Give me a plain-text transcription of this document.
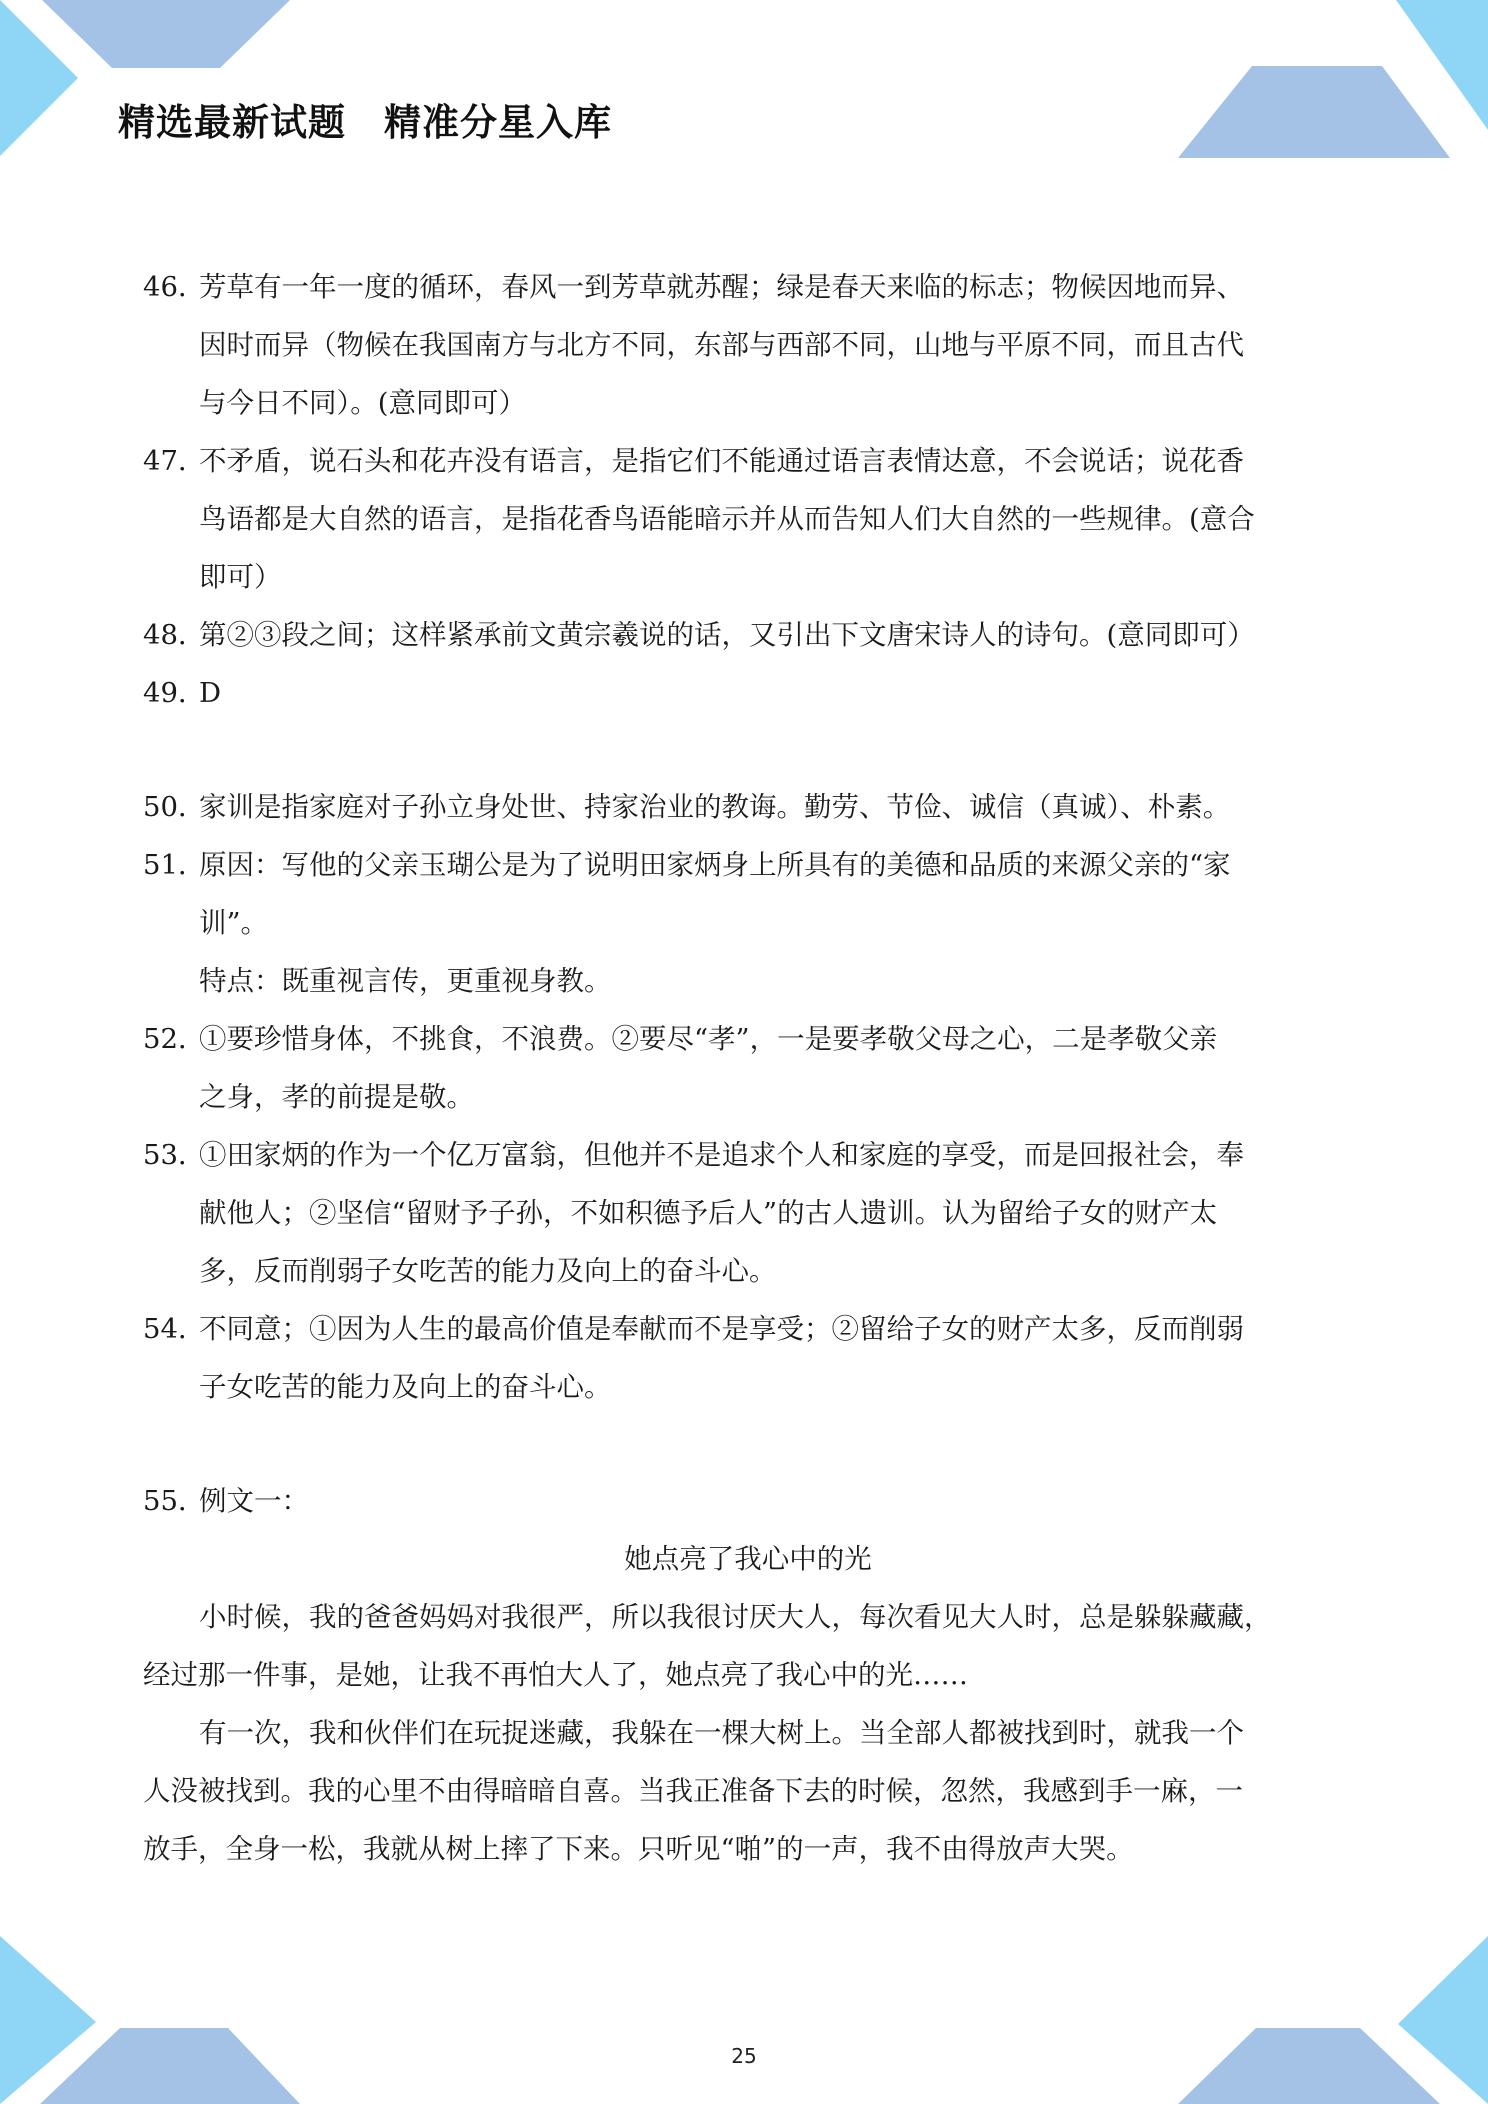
精选最新试题　精准分星入库
46．芳草有一年一度的循环，春风一到芳草就苏醒；绿是春天来临的标志；物候因地而异、
因时而异（物候在我国南方与北方不同，东部与西部不同，山地与平原不同，而且古代
与今日不同）。(意同即可）
47．不矛盾，说石头和花卉没有语言，是指它们不能通过语言表情达意，不会说话；说花香
鸟语都是大自然的语言，是指花香鸟语能暗示并从而告知人们大自然的一些规律。(意合
即可）
48．第②③段之间；这样紧承前文黄宗羲说的话，又引出下文唐宋诗人的诗句。(意同即可）
49．D
50．家训是指家庭对子孙立身处世、持家治业的教诲。勤劳、节俭、诚信（真诚）、朴素。
51．原因：写他的父亲玉瑚公是为了说明田家炳身上所具有的美德和品质的来源父亲的“家
训”。
特点：既重视言传，更重视身教。
52．①要珍惜身体，不挑食，不浪费。②要尽“孝”，一是要孝敬父母之心，二是孝敬父亲
之身，孝的前提是敬。
53．①田家炳的作为一个亿万富翁，但他并不是追求个人和家庭的享受，而是回报社会，奉
献他人；②坚信“留财予子孙，不如积德予后人”的古人遗训。认为留给子女的财产太
多，反而削弱子女吃苦的能力及向上的奋斗心。
54．不同意；①因为人生的最高价值是奉献而不是享受；②留给子女的财产太多，反而削弱
子女吃苦的能力及向上的奋斗心。
55．例文一：
她点亮了我心中的光
小时候，我的爸爸妈妈对我很严，所以我很讨厌大人，每次看见大人时，总是躲躲藏藏，
经过那一件事，是她，让我不再怕大人了，她点亮了我心中的光……
有一次，我和伙伴们在玩捉迷藏，我躲在一棵大树上。当全部人都被找到时，就我一个
人没被找到。我的心里不由得暗暗自喜。当我正准备下去的时候，忽然，我感到手一麻，一
放手，全身一松，我就从树上摔了下来。只听见“啪”的一声，我不由得放声大哭。
25
